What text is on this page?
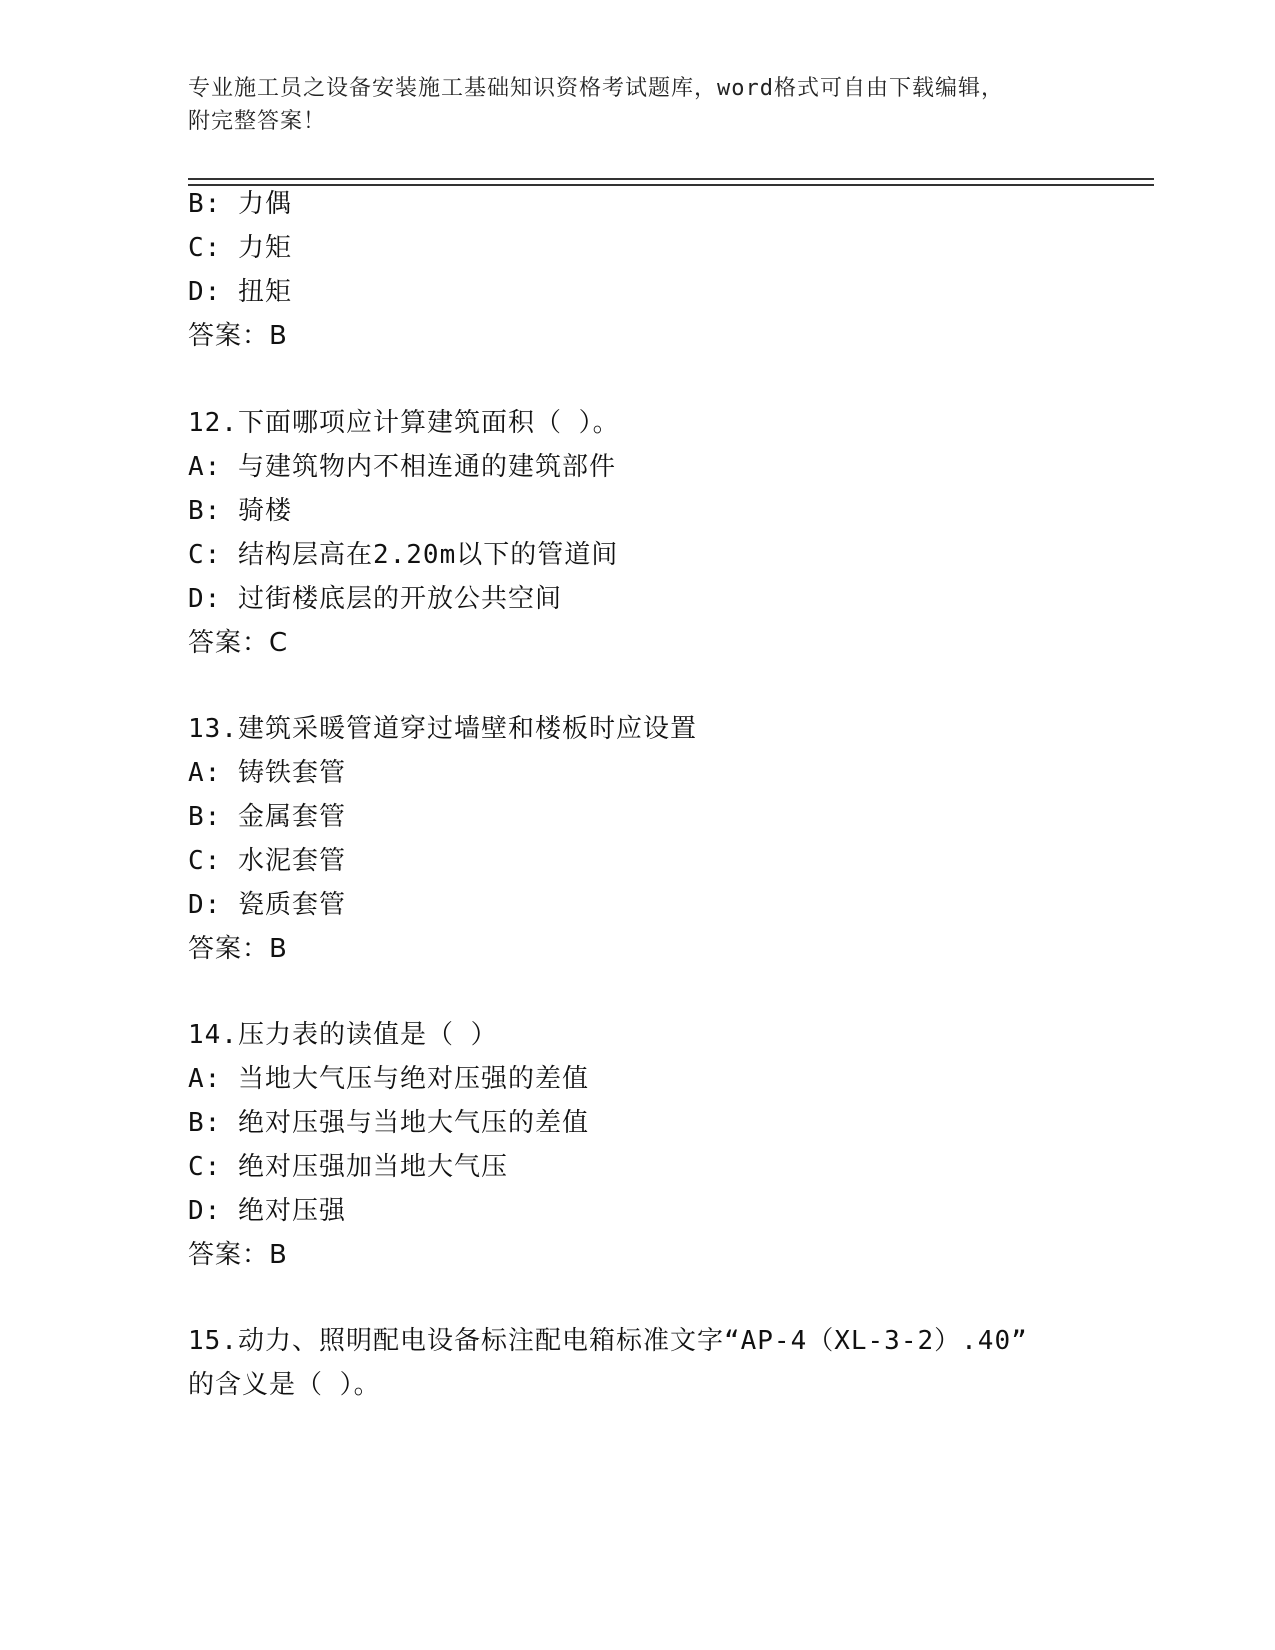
专业施工员之设备安装施工基础知识资格考试题库，word格式可自由下载编辑，
附完整答案！
B: 力偶
C: 力矩
D: 扭矩
答案：B
12.下面哪项应计算建筑面积（ ）。
A: 与建筑物内不相连通的建筑部件
B: 骑楼
C: 结构层高在2.20m以下的管道间
D: 过街楼底层的开放公共空间
答案：C
13.建筑采暖管道穿过墙壁和楼板时应设置
A: 铸铁套管
B: 金属套管
C: 水泥套管
D: 瓷质套管
答案：B
14.压力表的读值是（ ）
A: 当地大气压与绝对压强的差值
B: 绝对压强与当地大气压的差值
C: 绝对压强加当地大气压
D: 绝对压强
答案：B
15.动力、照明配电设备标注配电箱标准文字“AP-4（XL-3-2）.40”
的含义是（ ）。
